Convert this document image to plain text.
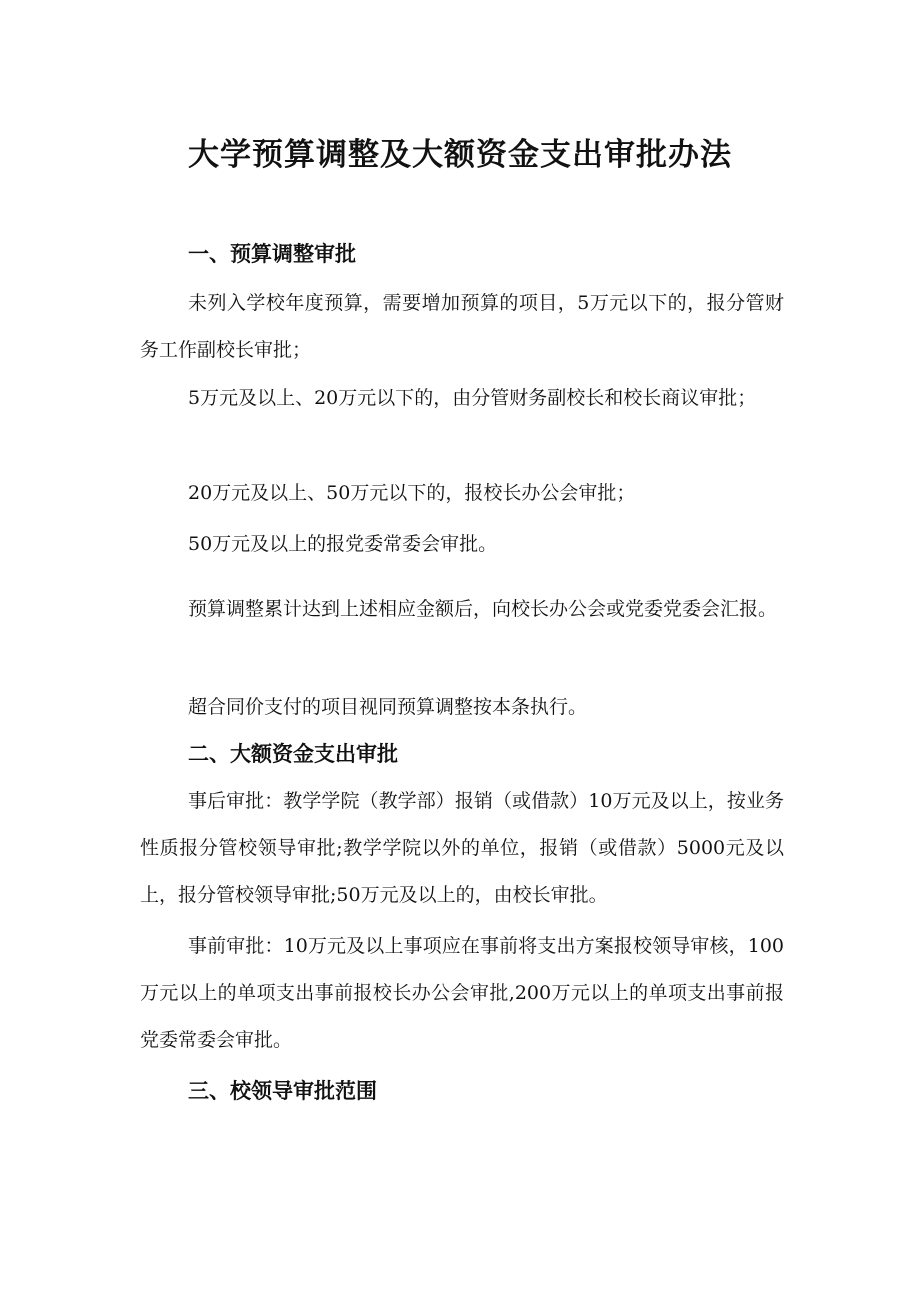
大学预算调整及大额资金支出审批办法
一、预算调整审批

未列入学校年度预算，需要增加预算的项目，5万元以下的，报分管财务工作副校长审批；

5万元及以上、20万元以下的，由分管财务副校长和校长商议审批；

20万元及以上、50万元以下的，报校长办公会审批；

50万元及以上的报党委常委会审批。

预算调整累计达到上述相应金额后，向校长办公会或党委党委会汇报。

超合同价支付的项目视同预算调整按本条执行。

二、大额资金支出审批

事后审批：教学学院（教学部）报销（或借款）10万元及以上，按业务性质报分管校领导审批;教学学院以外的单位，报销（或借款）5000元及以上，报分管校领导审批;50万元及以上的，由校长审批。

事前审批：10万元及以上事项应在事前将支出方案报校领导审核，100万元以上的单项支出事前报校长办公会审批,200万元以上的单项支出事前报党委常委会审批。

三、校领导审批范围
